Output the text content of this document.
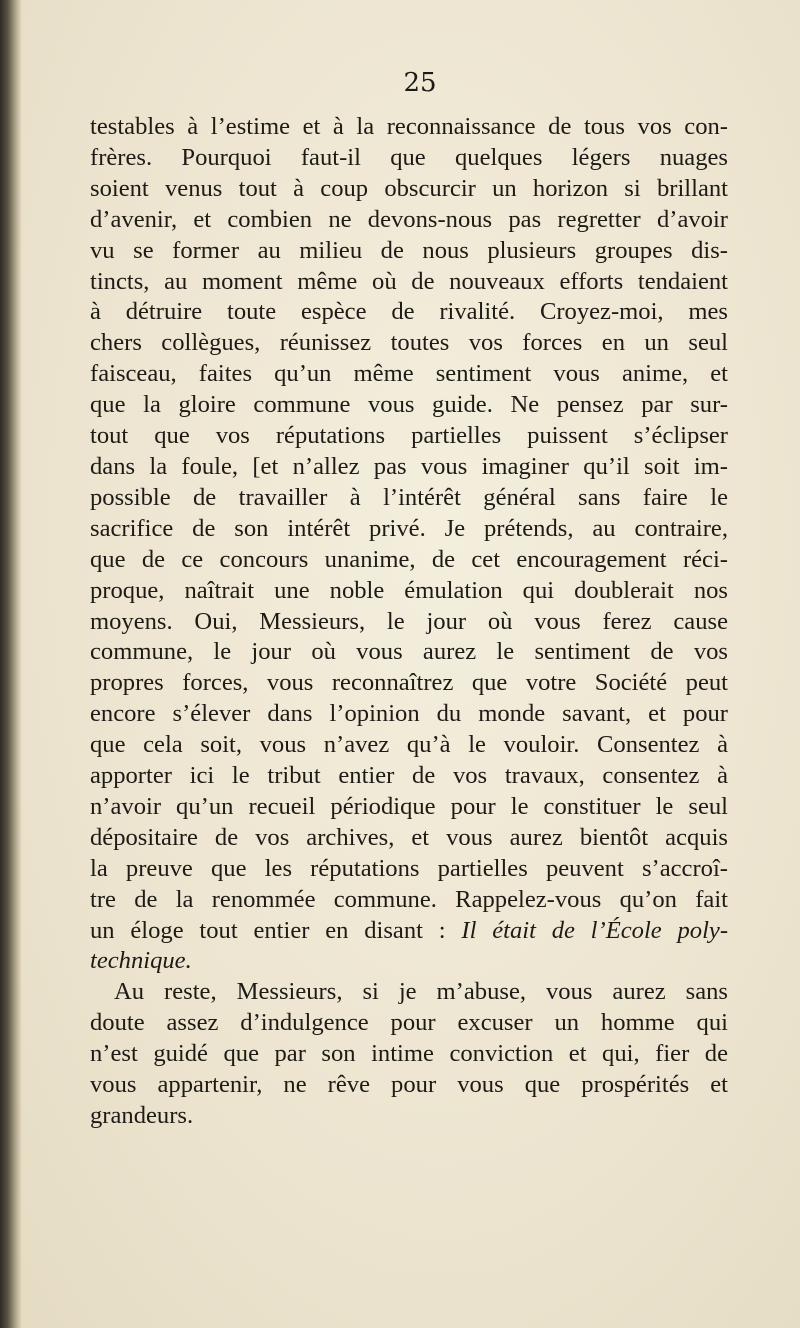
25
testables à l’estime et à la reconnaissance de tous vos con-
frères. Pourquoi faut-il que quelques légers nuages
soient venus tout à coup obscurcir un horizon si brillant
d’avenir, et combien ne devons-nous pas regretter d’avoir
vu se former au milieu de nous plusieurs groupes dis-
tincts, au moment même où de nouveaux efforts tendaient
à détruire toute espèce de rivalité. Croyez-moi, mes
chers collègues, réunissez toutes vos forces en un seul
faisceau, faites qu’un même sentiment vous anime, et
que la gloire commune vous guide. Ne pensez par sur-
tout que vos réputations partielles puissent s’éclipser
dans la foule, [et n’allez pas vous imaginer qu’il soit im-
possible de travailler à l’intérêt général sans faire le
sacrifice de son intérêt privé. Je prétends, au contraire,
que de ce concours unanime, de cet encouragement réci-
proque, naîtrait une noble émulation qui doublerait nos
moyens. Oui, Messieurs, le jour où vous ferez cause
commune, le jour où vous aurez le sentiment de vos
propres forces, vous reconnaîtrez que votre Société peut
encore s’élever dans l’opinion du monde savant, et pour
que cela soit, vous n’avez qu’à le vouloir. Consentez à
apporter ici le tribut entier de vos travaux, consentez à
n’avoir qu’un recueil périodique pour le constituer le seul
dépositaire de vos archives, et vous aurez bientôt acquis
la preuve que les réputations partielles peuvent s’accroî-
tre de la renommée commune. Rappelez-vous qu’on fait
un éloge tout entier en disant : Il était de l’École poly-
technique.
Au reste, Messieurs, si je m’abuse, vous aurez sans
doute assez d’indulgence pour excuser un homme qui
n’est guidé que par son intime conviction et qui, fier de
vous appartenir, ne rêve pour vous que prospérités et
grandeurs.
